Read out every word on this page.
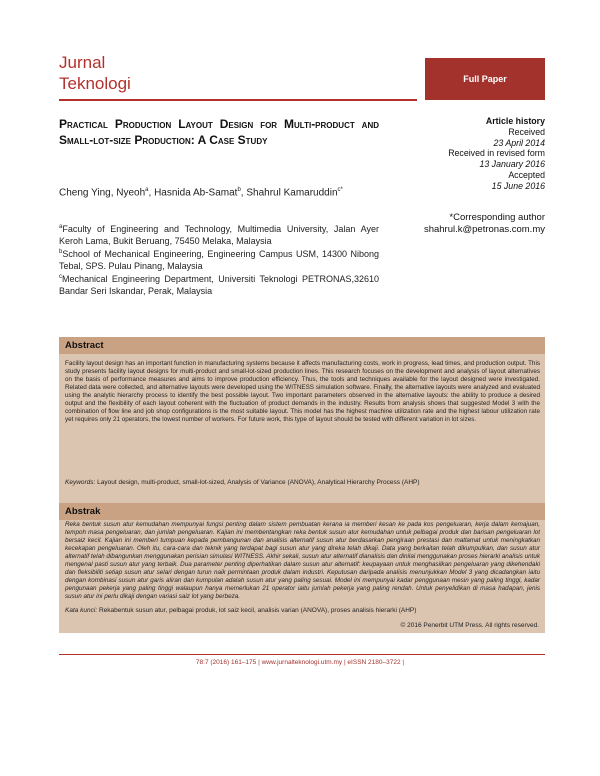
Jurnal
Teknologi	Full Paper
Practical Production Layout Design for Multi-product and Small-lot-size Production: A Case Study
Article history
Received
23 April 2014
Received in revised form
13 January 2016
Accepted
15 June 2016
Cheng Ying, Nyeoh$^a$, Hasnida Ab-Samat$^b$, Shahrul Kamaruddin$^{c*}$
*Corresponding author
shahrul.k@petronas.com.my
$^a$Faculty of Engineering and Technology, Multimedia University, Jalan Ayer Keroh Lama, Bukit Beruang, 75450 Melaka, Malaysia
$^b$School of Mechanical Engineering, Engineering Campus USM, 14300 Nibong Tebal, SPS. Pulau Pinang, Malaysia
$^c$Mechanical Engineering Department, Universiti Teknologi PETRONAS,32610 Bandar Seri Iskandar, Perak, Malaysia
Abstract
Facility layout design has an important function in manufacturing systems because it affects manufacturing costs, work in progress, lead times, and production output. This study presents facility layout designs for multi-product and small-lot-sized production lines. This research focuses on the development and analysis of layout alternatives on the basis of performance measures and aims to improve production efficiency. Thus, the tools and techniques available for the layout designed were investigated. Related data were collected, and alternative layouts were developed using the WITNESS simulation software. Finally, the alternative layouts were analyzed and evaluated using the analytic hierarchy process to identify the best possible layout. Two important parameters observed in the alternative layouts: the ability to produce a desired output and the flexibility of each layout coherent with the fluctuation of product demands in the industry. Results from analysis shows that suggested Model 3 with the combination of flow line and job shop configurations is the most suitable layout. This model has the highest machine utilization rate and the highest labour utilization rate yet requires only 21 operators, the lowest number of workers. For future work, this type of layout should be tested with different variation in lot sizes.
Keywords: Layout design, multi-product, small-lot-sized, Analysis of Variance (ANOVA), Analytical Hierarchy Process (AHP)
Abstrak
Reka bentuk susun atur kemudahan mempunyai fungsi penting dalam sistem pembuatan kerana ia memberi kesan ke pada kos pengeluaran, kerja dalam kemajuan, tempoh masa pengeluaran, dan jumlah pengeluaran. Kajian ini membentangkan reka bentuk susun atur kemudahan untuk pelbagai produk dan barisan pengeluaran lot bersaiz kecil. Kajian ini memberi tumpuan kepada pembangunan dan analisis alternatif susun atur berdasarkan pengiraan prestasi dan matlamat untuk meningkatkan kecekapan pengeluaran. Oleh itu, cara-cara dan teknik yang terdapat bagi susun atur yang direka telah dikaji. Data yang berkaitan telah dikumpulkan, dan susun atur alternatif telah dibangunkan menggunakan perisian simulasi WITNESS. Akhir sekali, susun atur alternatif dianalisis dan dinilai menggunakan proses hierarki analisis untuk mengenal pasti susun atur yang terbaik. Dua parameter penting diperhatikan dalam susun atur alternatif: keupayaan untuk menghasilkan pengeluaran yang dikehendaki dan fleksibiliti setiap susun atur selari dengan turun naik permintaan produk dalam industri. Keputusan daripada analisis menunjukkan Model 3 yang dicadangkan iaitu dengan kombinasi susun atur garis aliran dan kumpulan adalah susun atur yang paling sesuai. Model ini mempunyai kadar penggunaan mesin yang paling tinggi, kadar pengunaan pekerja yang paling tinggi walaupun hanya memerlukan 21 operator iaitu jumlah pekerja yang paling rendah. Untuk penyelidikan di masa hadapan, jenis susun atur ini perlu dikaji dengan variasi saiz lot yang berbeza.
Kata kunci: Rekabentuk susun atur, pelbagai produk, lot saiz kecil, analisis varian (ANOVA), proses analisis hierarki (AHP)
© 2016 Penerbit UTM Press. All rights reserved.
78:7 (2016) 161–175 | www.jurnalteknologi.utm.my | eISSN 2180–3722 |
